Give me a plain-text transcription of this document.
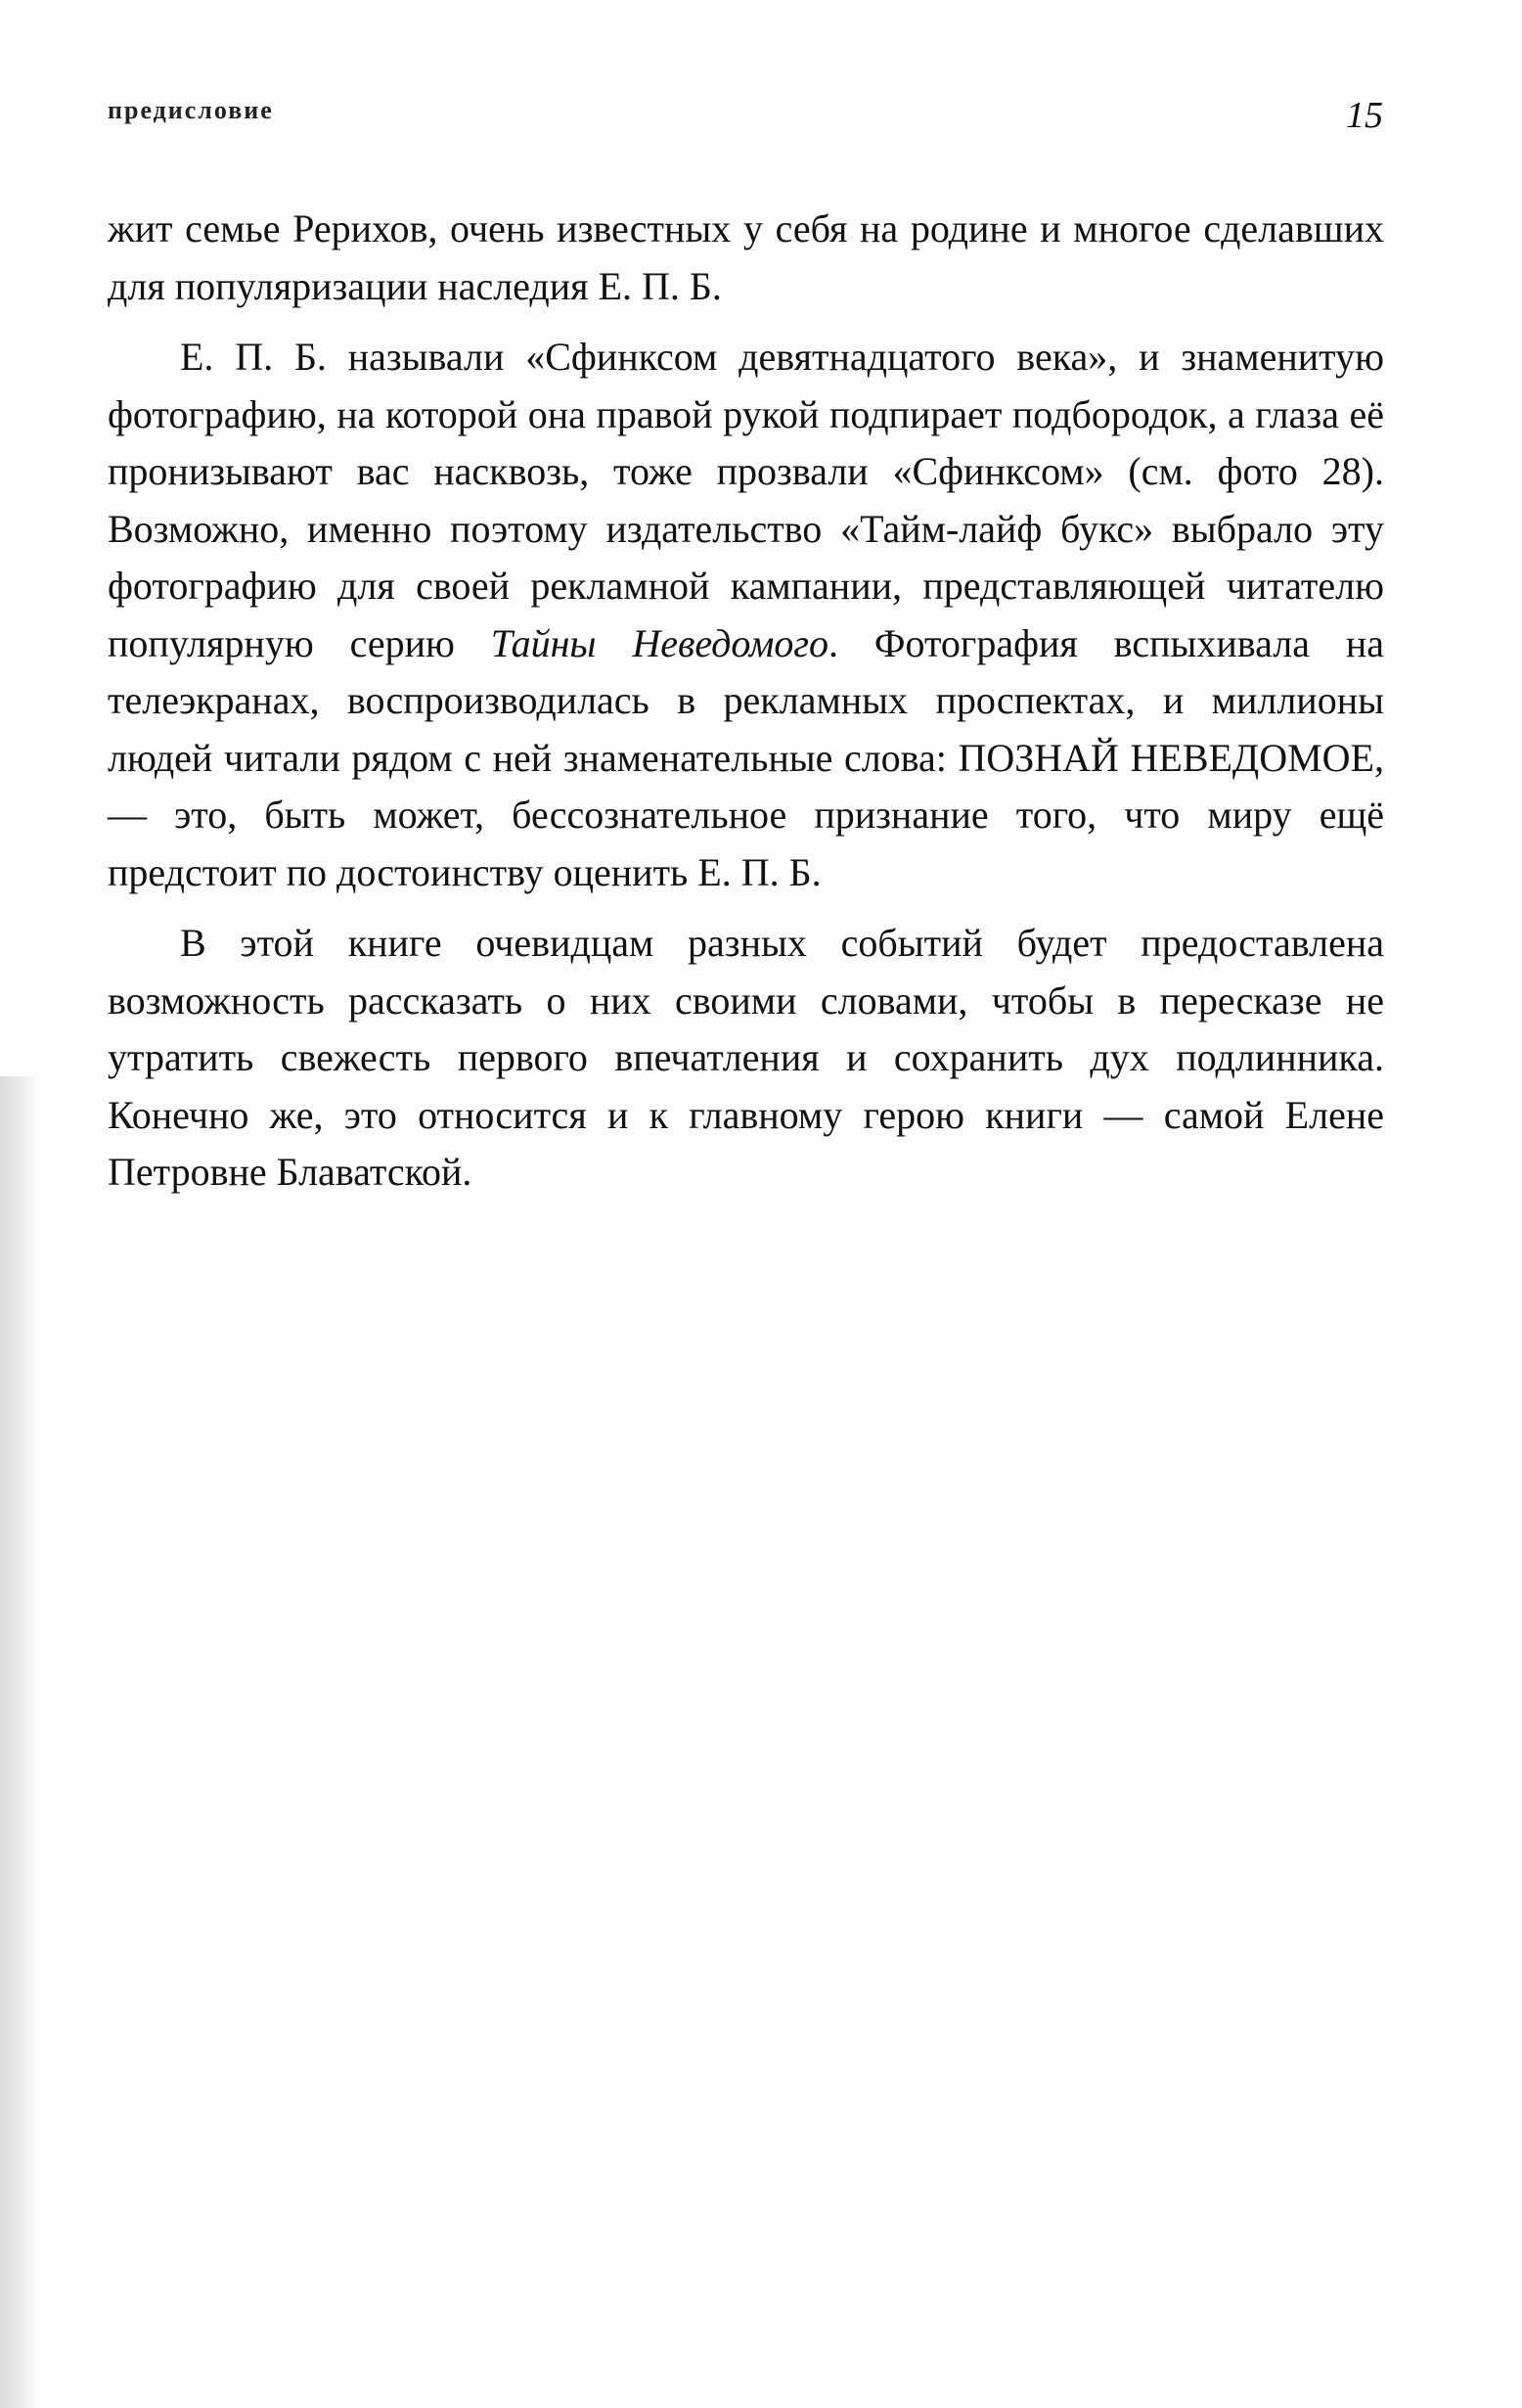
предисловие	15

жит семье Рерихов, очень известных у себя на родине и многое сделавших для популяризации наследия Е. П. Б.

Е. П. Б. называли «Сфинксом девятнадцатого века», и знаменитую фотографию, на которой она правой рукой подпирает подбородок, а глаза её пронизывают вас насквозь, тоже прозвали «Сфинксом» (см. фото 28). Возможно, именно поэтому издательство «Тайм-лайф букс» выбрало эту фотографию для своей рекламной кампании, представляющей читателю популярную серию Тайны Неведомого. Фотография вспыхивала на телеэкранах, воспроизводилась в рекламных проспектах, и миллионы людей читали рядом с ней знаменательные слова: ПОЗНАЙ НЕВЕДОМОЕ,— это, быть может, бессознательное признание того, что миру ещё предстоит по достоинству оценить Е. П. Б.

В этой книге очевидцам разных событий будет предоставлена возможность рассказать о них своими словами, чтобы в пересказе не утратить свежесть первого впечатления и сохранить дух подлинника. Конечно же, это относится и к главному герою книги — самой Елене Петровне Блаватской.
